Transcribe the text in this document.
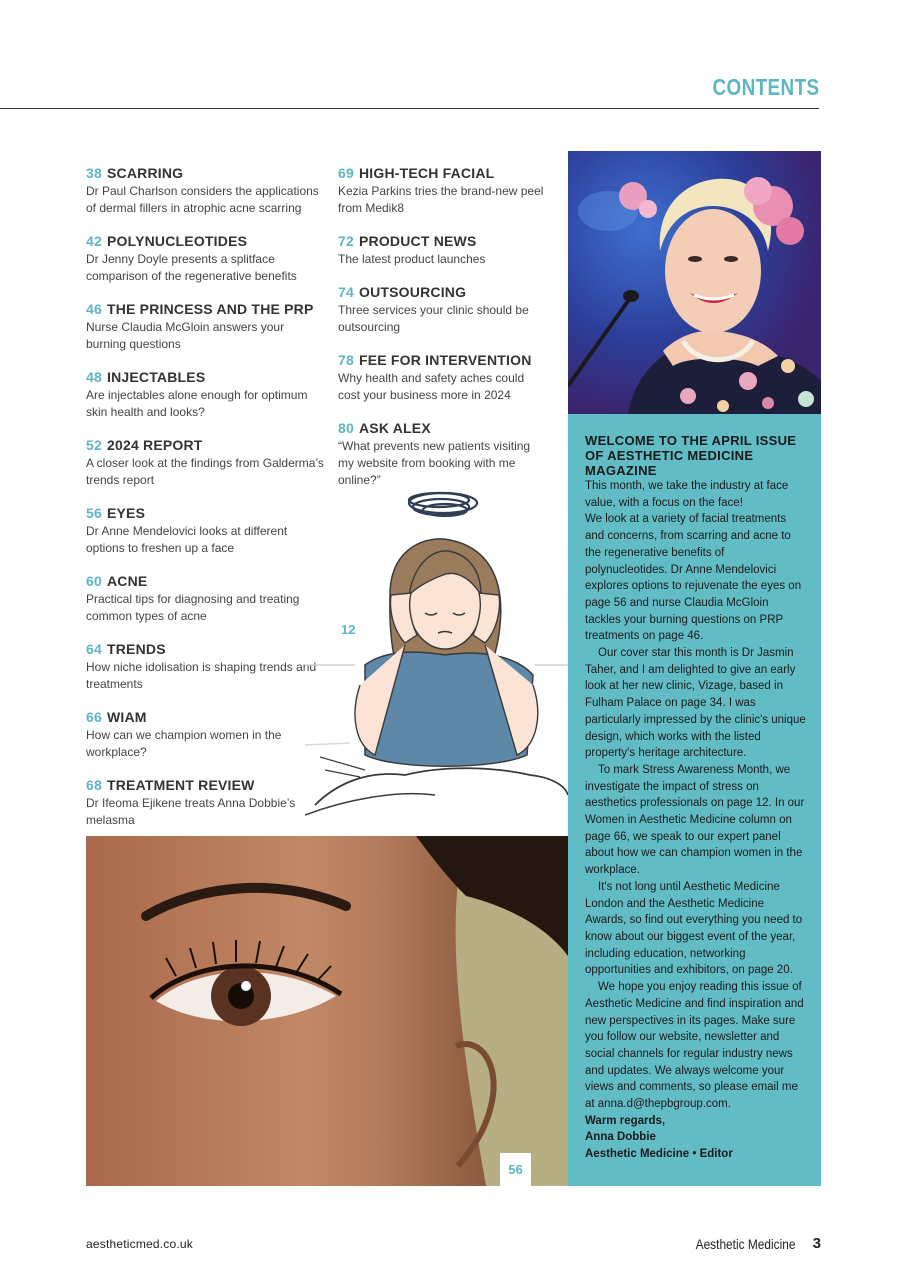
CONTENTS
38 SCARRING
Dr Paul Charlson considers the applications of dermal fillers in atrophic acne scarring
42 POLYNUCLEOTIDES
Dr Jenny Doyle presents a splitface comparison of the regenerative benefits
46 THE PRINCESS AND THE PRP
Nurse Claudia McGloin answers your burning questions
48 INJECTABLES
Are injectables alone enough for optimum skin health and looks?
52 2024 REPORT
A closer look at the findings from Galderma’s trends report
56 EYES
Dr Anne Mendelovici looks at different options to freshen up a face
60 ACNE
Practical tips for diagnosing and treating common types of acne
64 TRENDS
How niche idolisation is shaping trends and treatments
66 WIAM
How can we champion women in the workplace?
68 TREATMENT REVIEW
Dr Ifeoma Ejikene treats Anna Dobbie’s melasma
69 HIGH-TECH FACIAL
Kezia Parkins tries the brand-new peel from Medik8
72 PRODUCT NEWS
The latest product launches
74 OUTSOURCING
Three services your clinic should be outsourcing
78 FEE FOR INTERVENTION
Why health and safety aches could cost your business more in 2024
80 ASK ALEX
“What prevents new patients visiting my website from booking with me online?”
WELCOME TO THE APRIL ISSUE OF AESTHETIC MEDICINE MAGAZINE

This month, we take the industry at face value, with a focus on the face!

We look at a variety of facial treatments and concerns, from scarring and acne to the regenerative benefits of polynucleotides. Dr Anne Mendelovici explores options to rejuvenate the eyes on page 56 and nurse Claudia McGloin tackles your burning questions on PRP treatments on page 46.

Our cover star this month is Dr Jasmin Taher, and I am delighted to give an early look at her new clinic, Vizage, based in Fulham Palace on page 34. I was particularly impressed by the clinic's unique design, which works with the listed property's heritage architecture.

To mark Stress Awareness Month, we investigate the impact of stress on aesthetics professionals on page 12. In our Women in Aesthetic Medicine column on page 66, we speak to our expert panel about how we can champion women in the workplace.

It's not long until Aesthetic Medicine London and the Aesthetic Medicine Awards, so find out everything you need to know about our biggest event of the year, including education, networking opportunities and exhibitors, on page 20.

We hope you enjoy reading this issue of Aesthetic Medicine and find inspiration and new perspectives in its pages. Make sure you follow our website, newsletter and social channels for regular industry news and updates. We always welcome your views and comments, so please email me at anna.d@thepbgroup.com.

Warm regards,
Anna Dobbie
Aesthetic Medicine • Editor
12
56
aestheticmed.co.uk	Aesthetic Medicine 3
